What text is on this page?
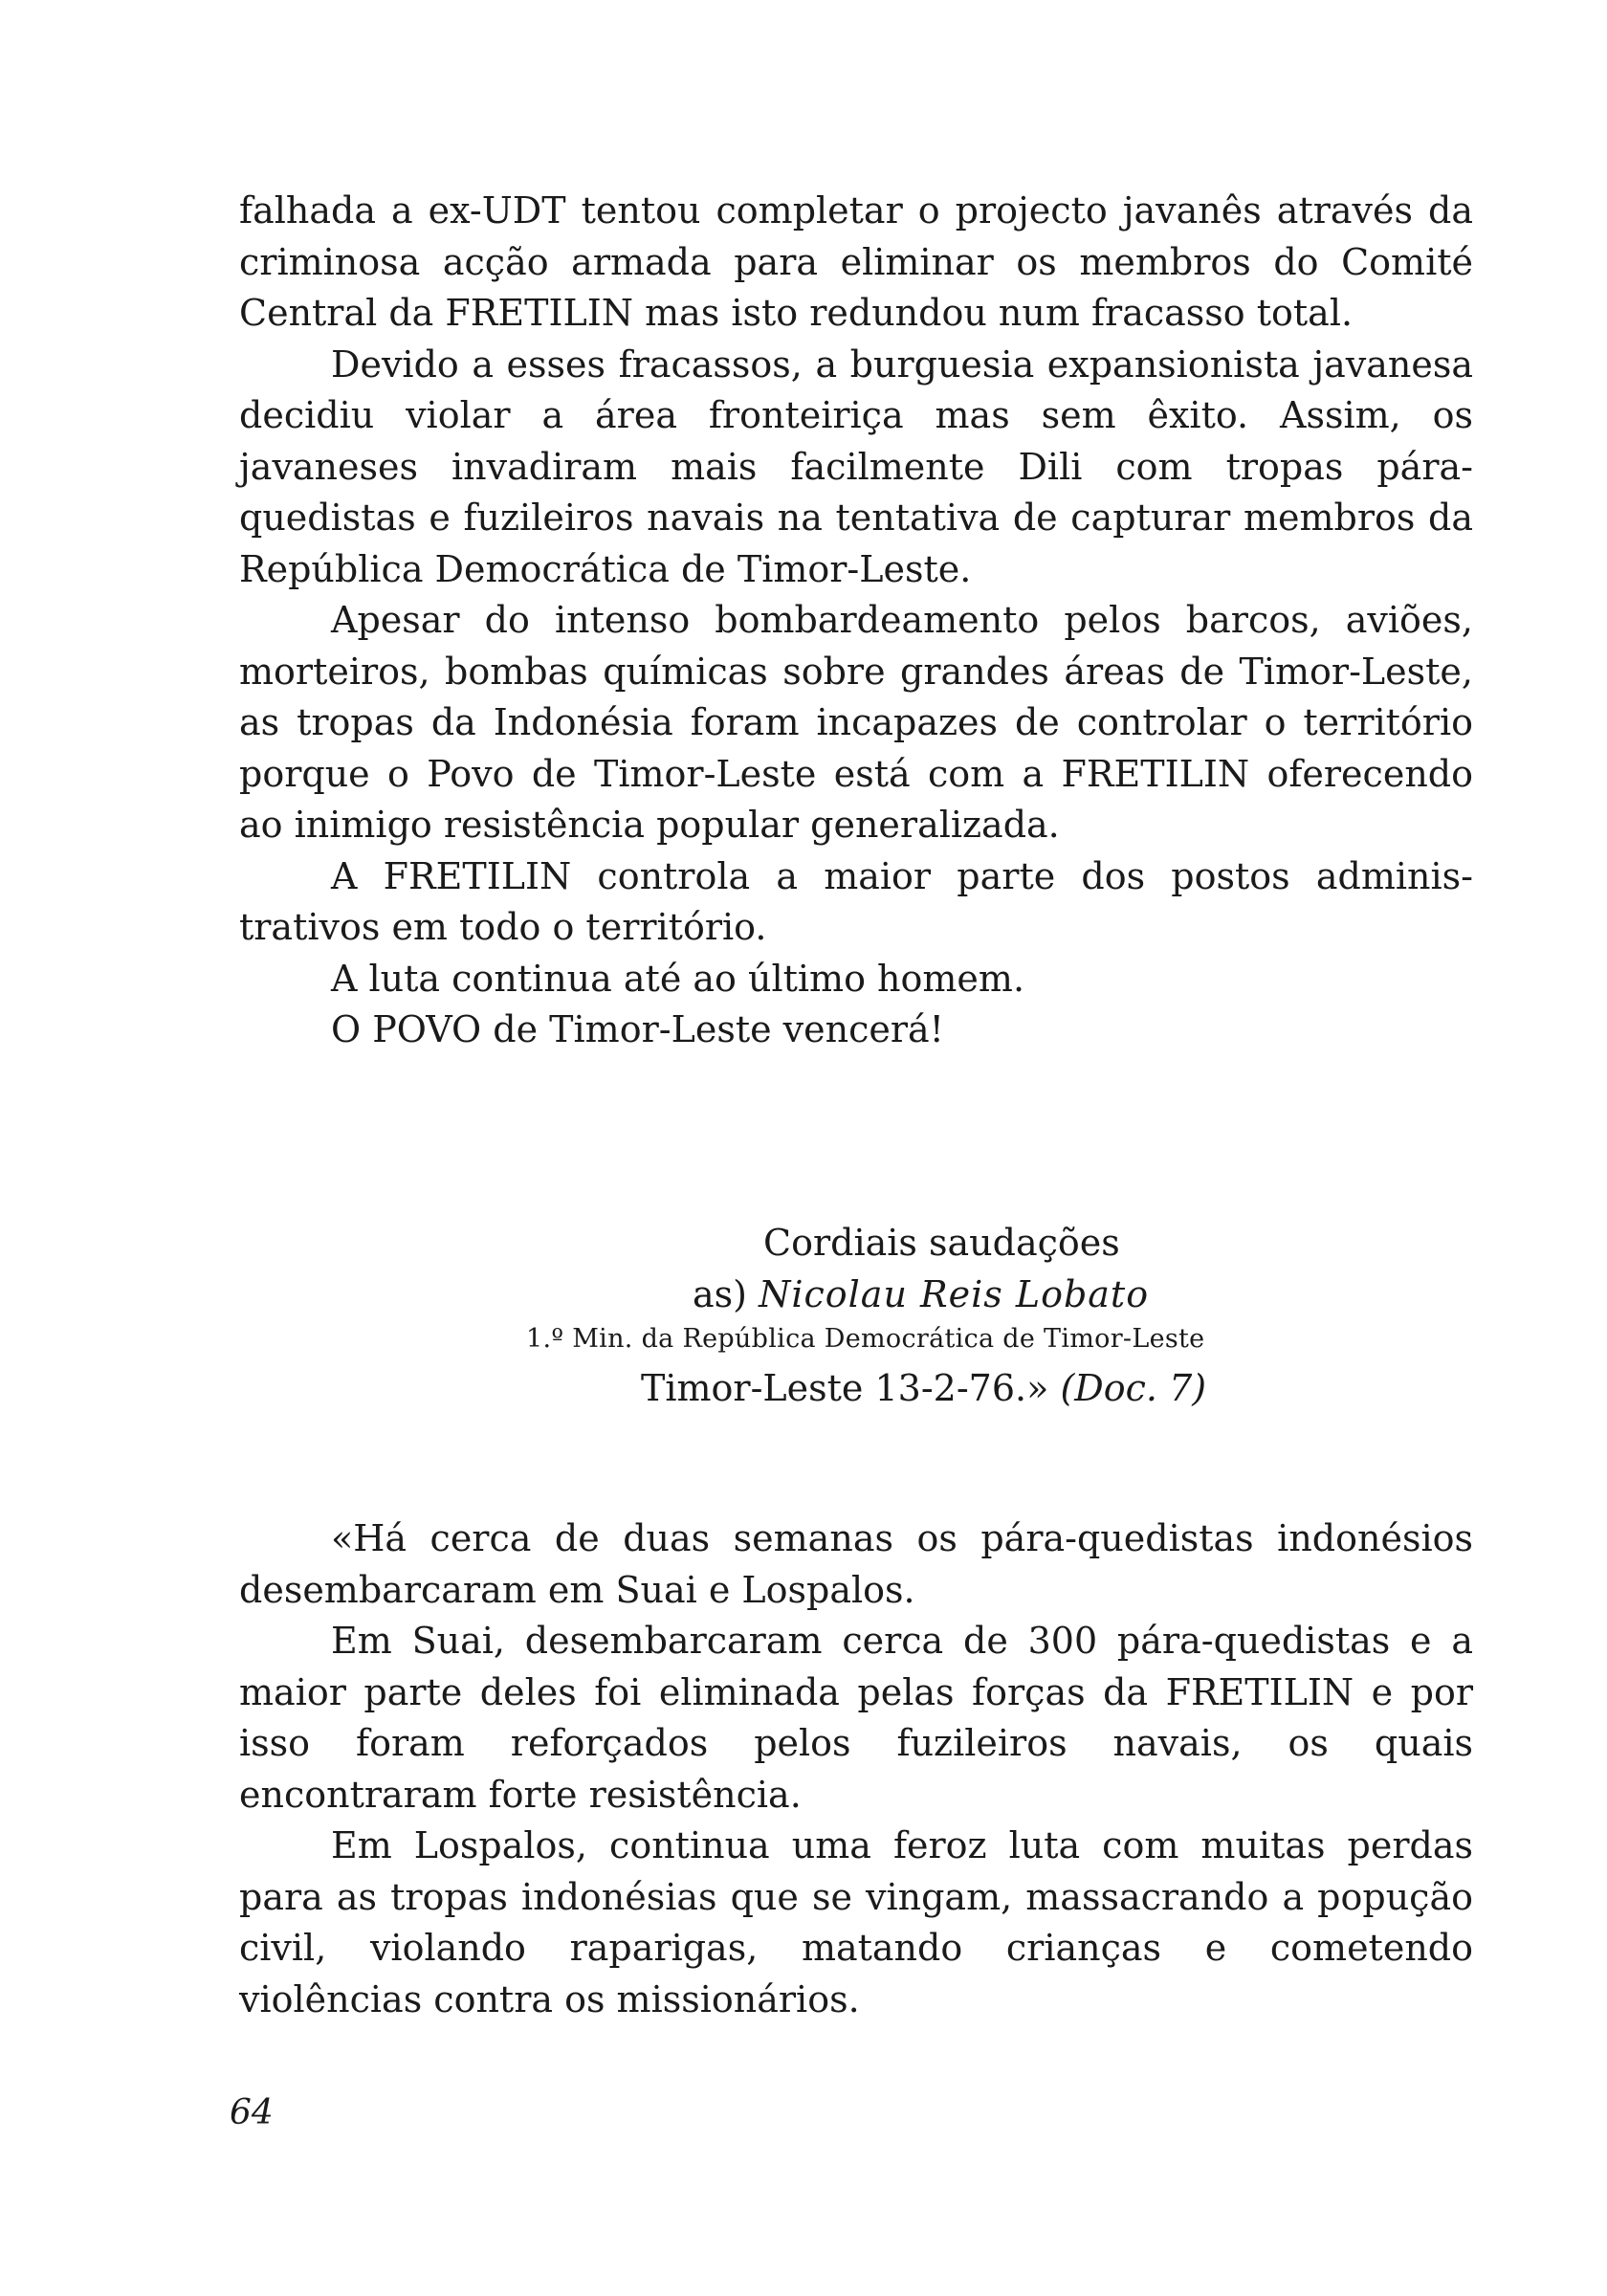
falhada a ex-UDT tentou completar o projecto javanês através da criminosa acção armada para eliminar os membros do Comité Central da FRETILIN mas isto redundou num fracasso total.

Devido a esses fracassos, a burguesia expansionista javanesa decidiu violar a área fronteiriça mas sem êxito. Assim, os javaneses invadiram mais facilmente Dili com tropas pára-quedistas e fuzileiros navais na tentativa de capturar membros da República Democrática de Timor-Leste.

Apesar do intenso bombardeamento pelos barcos, aviões, morteiros, bombas químicas sobre grandes áreas de Timor-Leste, as tropas da Indonésia foram incapazes de controlar o território porque o Povo de Timor-Leste está com a FRETILIN oferecendo ao inimigo resistência popular generalizada.

A FRETILIN controla a maior parte dos postos administrativos em todo o território.

A luta continua até ao último homem.

O POVO de Timor-Leste vencerá!

Cordiais saudações
as) Nicolau Reis Lobato
1.º Min. da República Democrática de Timor-Leste
Timor-Leste 13-2-76.» (Doc. 7)

«Há cerca de duas semanas os pára-quedistas indonésios desembarcaram em Suai e Lospalos.

Em Suai, desembarcaram cerca de 300 pára-quedistas e a maior parte deles foi eliminada pelas forças da FRETILIN e por isso foram reforçados pelos fuzileiros navais, os quais encontraram forte resistência.

Em Lospalos, continua uma feroz luta com muitas perdas para as tropas indonésias que se vingam, massacrando a popução civil, violando raparigas, matando crianças e cometendo violências contra os missionários.

64
